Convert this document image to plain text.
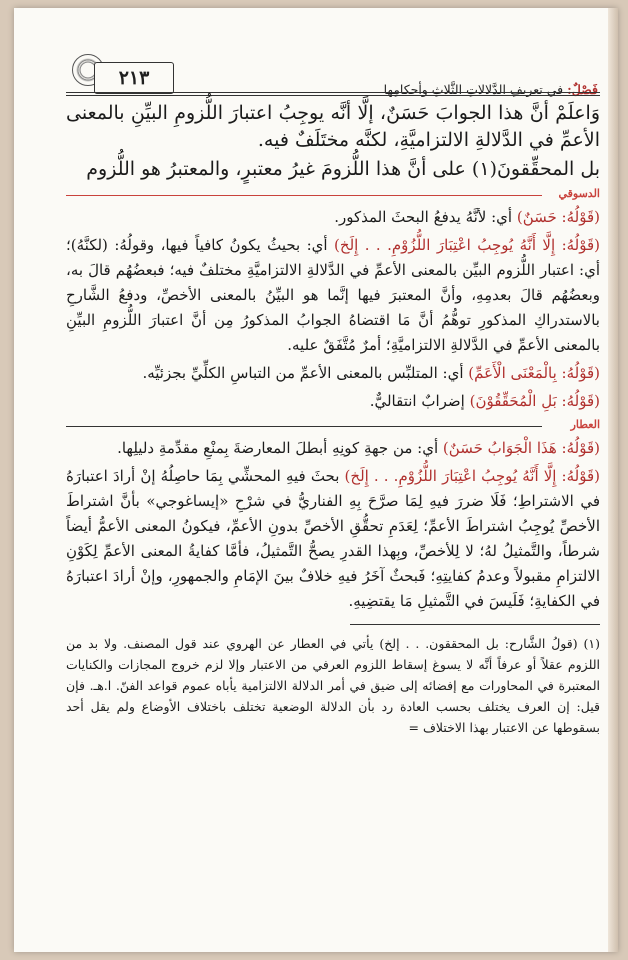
٢١٣
فَصْلٌ: في تعريفِ الدَّلالاتِ الثَّلاثِ وأحكامِها

وَاعلَمْ أنَّ هذا الجوابَ حَسَنٌ، إلَّا أنَّه يوجِبُ اعتبارَ اللُّزومِ البيِّنِ بالمعنى الأعمِّ في الدَّلالةِ الالتزاميَّةِ، لكنَّه مختَلَفٌ فيه.

بل المحقِّقونَ(١) على أنَّ هذا اللُّزومَ غيرُ معتبرٍ، والمعتبرُ هو اللُّزوم

الدسوقي

(قَوْلُهُ: حَسَنٌ) أي: لأنَّهُ يدفعُ البحثَ المذكور.

(قَوْلُهُ: إِلَّا أَنَّهُ يُوجِبُ اعْتِبَارَ اللُّزُوْمِ. . . إِلَخ) أي: بحيثُ يكونُ كافياً فيها، وقولُهُ: (لكنَّهُ)؛ أي: اعتبار اللُّزوم البيِّن بالمعنى الأعمِّ في الدَّلالةِ الالتزاميَّةِ مختلفٌ فيه؛ فبعضُهُم قالَ به، وبعضُهُم قالَ بعدمِهِ، وأنَّ المعتبرَ فيها إنَّما هو البيِّنُ بالمعنى الأخصِّ، ودفعُ الشَّارحِ بالاستدراكِ المذكورِ توهُّمُ أنَّ مَا اقتضاهُ الجوابُ المذكورُ مِن أنَّ اعتبارَ اللُّزومِ البيِّنِ بالمعنى الأعمِّ في الدَّلالةِ الالتزاميَّةِ؛ أمرٌ مُتَّفَقٌ عليه.

(قَوْلُهُ: بِالْمَعْنَى الْأَعَمِّ) أي: المتلبِّس بالمعنى الأعمِّ من التباسِ الكلِّيِّ بجزئيِّه.

(قَوْلُهُ: بَلِ الْمُحَقِّقُوْنَ) إضرابٌ انتقاليٌّ.

العطار

(قَوْلُهُ: هَذَا الْجَوَابُ حَسَنٌ) أي: من جهةِ كونِهِ أبطلَ المعارضةَ بِمنْعِ مقدِّمةِ دليلِها.

(قَوْلُهُ: إِلَّا أَنَّهُ يُوجِبُ اعْتِبَارَ اللُّزُوْمِ. . . إِلَخ) بحثَ فيهِ المحشِّي بِمَا حاصِلُهُ إنْ أرادَ اعتبارَهُ في الاشتراطِ؛ فَلَا ضررَ فيهِ لِمَا صرَّحَ بِهِ الفناريُّ في شرْحِ «إيساغوجي» بأنَّ اشتراطَ الأخصِّ يُوجِبُ اشتراطَ الأعمِّ؛ لِعَدَمِ تحقُّقِ الأخصِّ بدونِ الأعمِّ، فيكونُ المعنى الأعمُّ أيضاً شرطاً، والتَّمثيلُ لهُ؛ لا لِلأخصِّ، وبِهذا القدرِ يصحُّ التَّمثيلُ، فأمَّا كفايةُ المعنى الأعمِّ لِكَوْنِ الالتزامِ مقبولاً وعدمُ كفايتِهِ؛ فَبحثٌ آخَرُ فيهِ خلافٌ بينَ الإمَامِ والجمهورِ، وإنْ أرادَ اعتبارَهُ في الكفايةِ؛ فَلَيسَ في التَّمثيلِ مَا يقتضِيهِ.

(١) (قولُ الشَّارح: بل المحققون. . . إلخ) يأتي في العطار عن الهروي عند قول المصنف. ولا بد من اللزوم عقلاً أو عرفاً أنَّه لا يسوغ إسقاط اللزوم العرفي من الاعتبار وإلا لزم خروج المجازات والكنايات المعتبرة في المحاورات مع إفضائه إلى ضيق في أمر الدلالة الالتزامية يأباه عموم قواعد الفنّ. ا.هـ. فإن قيل: إن العرف يختلف بحسب العادة رد بأن الدلالة الوضعية تختلف باختلاف الأوضاع ولم يقل أحد بسقوطها عن الاعتبار بهذا الاختلاف =
